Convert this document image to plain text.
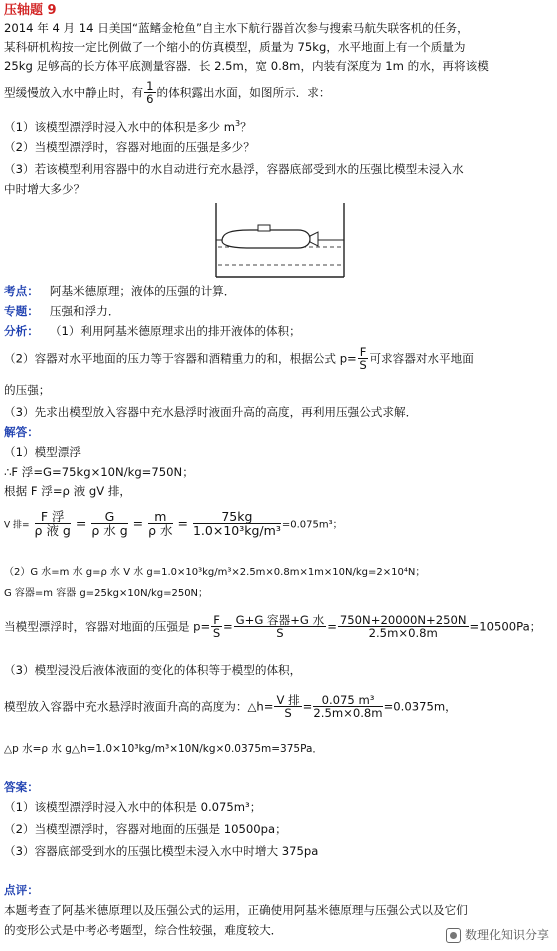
压轴题 9
2014 年 4 月 14 日美国“蓝鳍金枪鱼”自主水下航行器首次参与搜索马航失联客机的任务，
某科研机构按一定比例做了一个缩小的仿真模型，质量为 75kg，水平地面上有一个质量为
25kg 足够高的长方体平底测量容器．长 2.5m，宽 0.8m，内装有深度为 1m 的水，再将该模
型缓慢放入水中静止时，有 $\frac{1}{6}$ 的体积露出水面，如图所示．求：
（1）该模型漂浮时浸入水中的体积是多少 $m^3$？
（2）当模型漂浮时，容器对地面的压强是多少？
（3）若该模型利用容器中的水自动进行充水悬浮，容器底部受到水的压强比模型未浸入水
中时增大多少？
考点： 阿基米德原理；液体的压强的计算．
专题： 压强和浮力．
分析： （1）利用阿基米德原理求出的排开液体的体积；
（2）容器对水平地面的压力等于容器和酒精重力的和，根据公式 $p= \frac{F}{S}$ 可求容器对水平地面
的压强；
（3）先求出模型放入容器中充水悬浮时液面升高的高度，再利用压强公式求解．
解答：
（1）模型漂浮
∴F 浮=G=75kg×10N/kg=750N；
根据 F 浮=ρ 液 gV 排，
V 排= $\frac{\text{F 浮}}{\text{ρ 液 g}} = \frac{G}{\text{ρ 水 g}} = \frac{m}{\text{ρ 水}} = \frac{75kg}{\text{1.0×10³kg/m³}} =0.075m^3$；
（2）G 水=m 水 g=ρ 水 V 水 g=1.0×10³kg/m³×2.5m×0.8m×1m×10N/kg=2×10⁴N；
G 容器=m 容器 g=25kg×10N/kg=250N；
当模型漂浮时，容器对地面的压强是 $p= \frac{F}{S} = \frac{\text{G+G 容器+G 水}}{S} = \frac{750N+20000N+250N}{2.5m\times 0.8m} =10500Pa$；
（3）模型浸没后液体液面的变化的体积等于模型的体积，
模型放入容器中充水悬浮时液面升高的高度为：△h= $\frac{\text{V 排}}{S} = \frac{\text{0.075 m³}}{2.5m\times 0.8m} =0.0375m$，
△p 水=ρ 水 g△h=1.0×10³kg/m³×10N/kg×0.0375m=375Pa．
答案：
（1）该模型漂浮时浸入水中的体积是 0.075m³；
（2）当模型漂浮时，容器对地面的压强是 10500pa；
（3）容器底部受到水的压强比模型未浸入水中时增大 375pa
点评：
本题考查了阿基米德原理以及压强公式的运用，正确使用阿基米德原理与压强公式以及它们
的变形公式是中考必考题型，综合性较强，难度较大．	数理化知识分享
